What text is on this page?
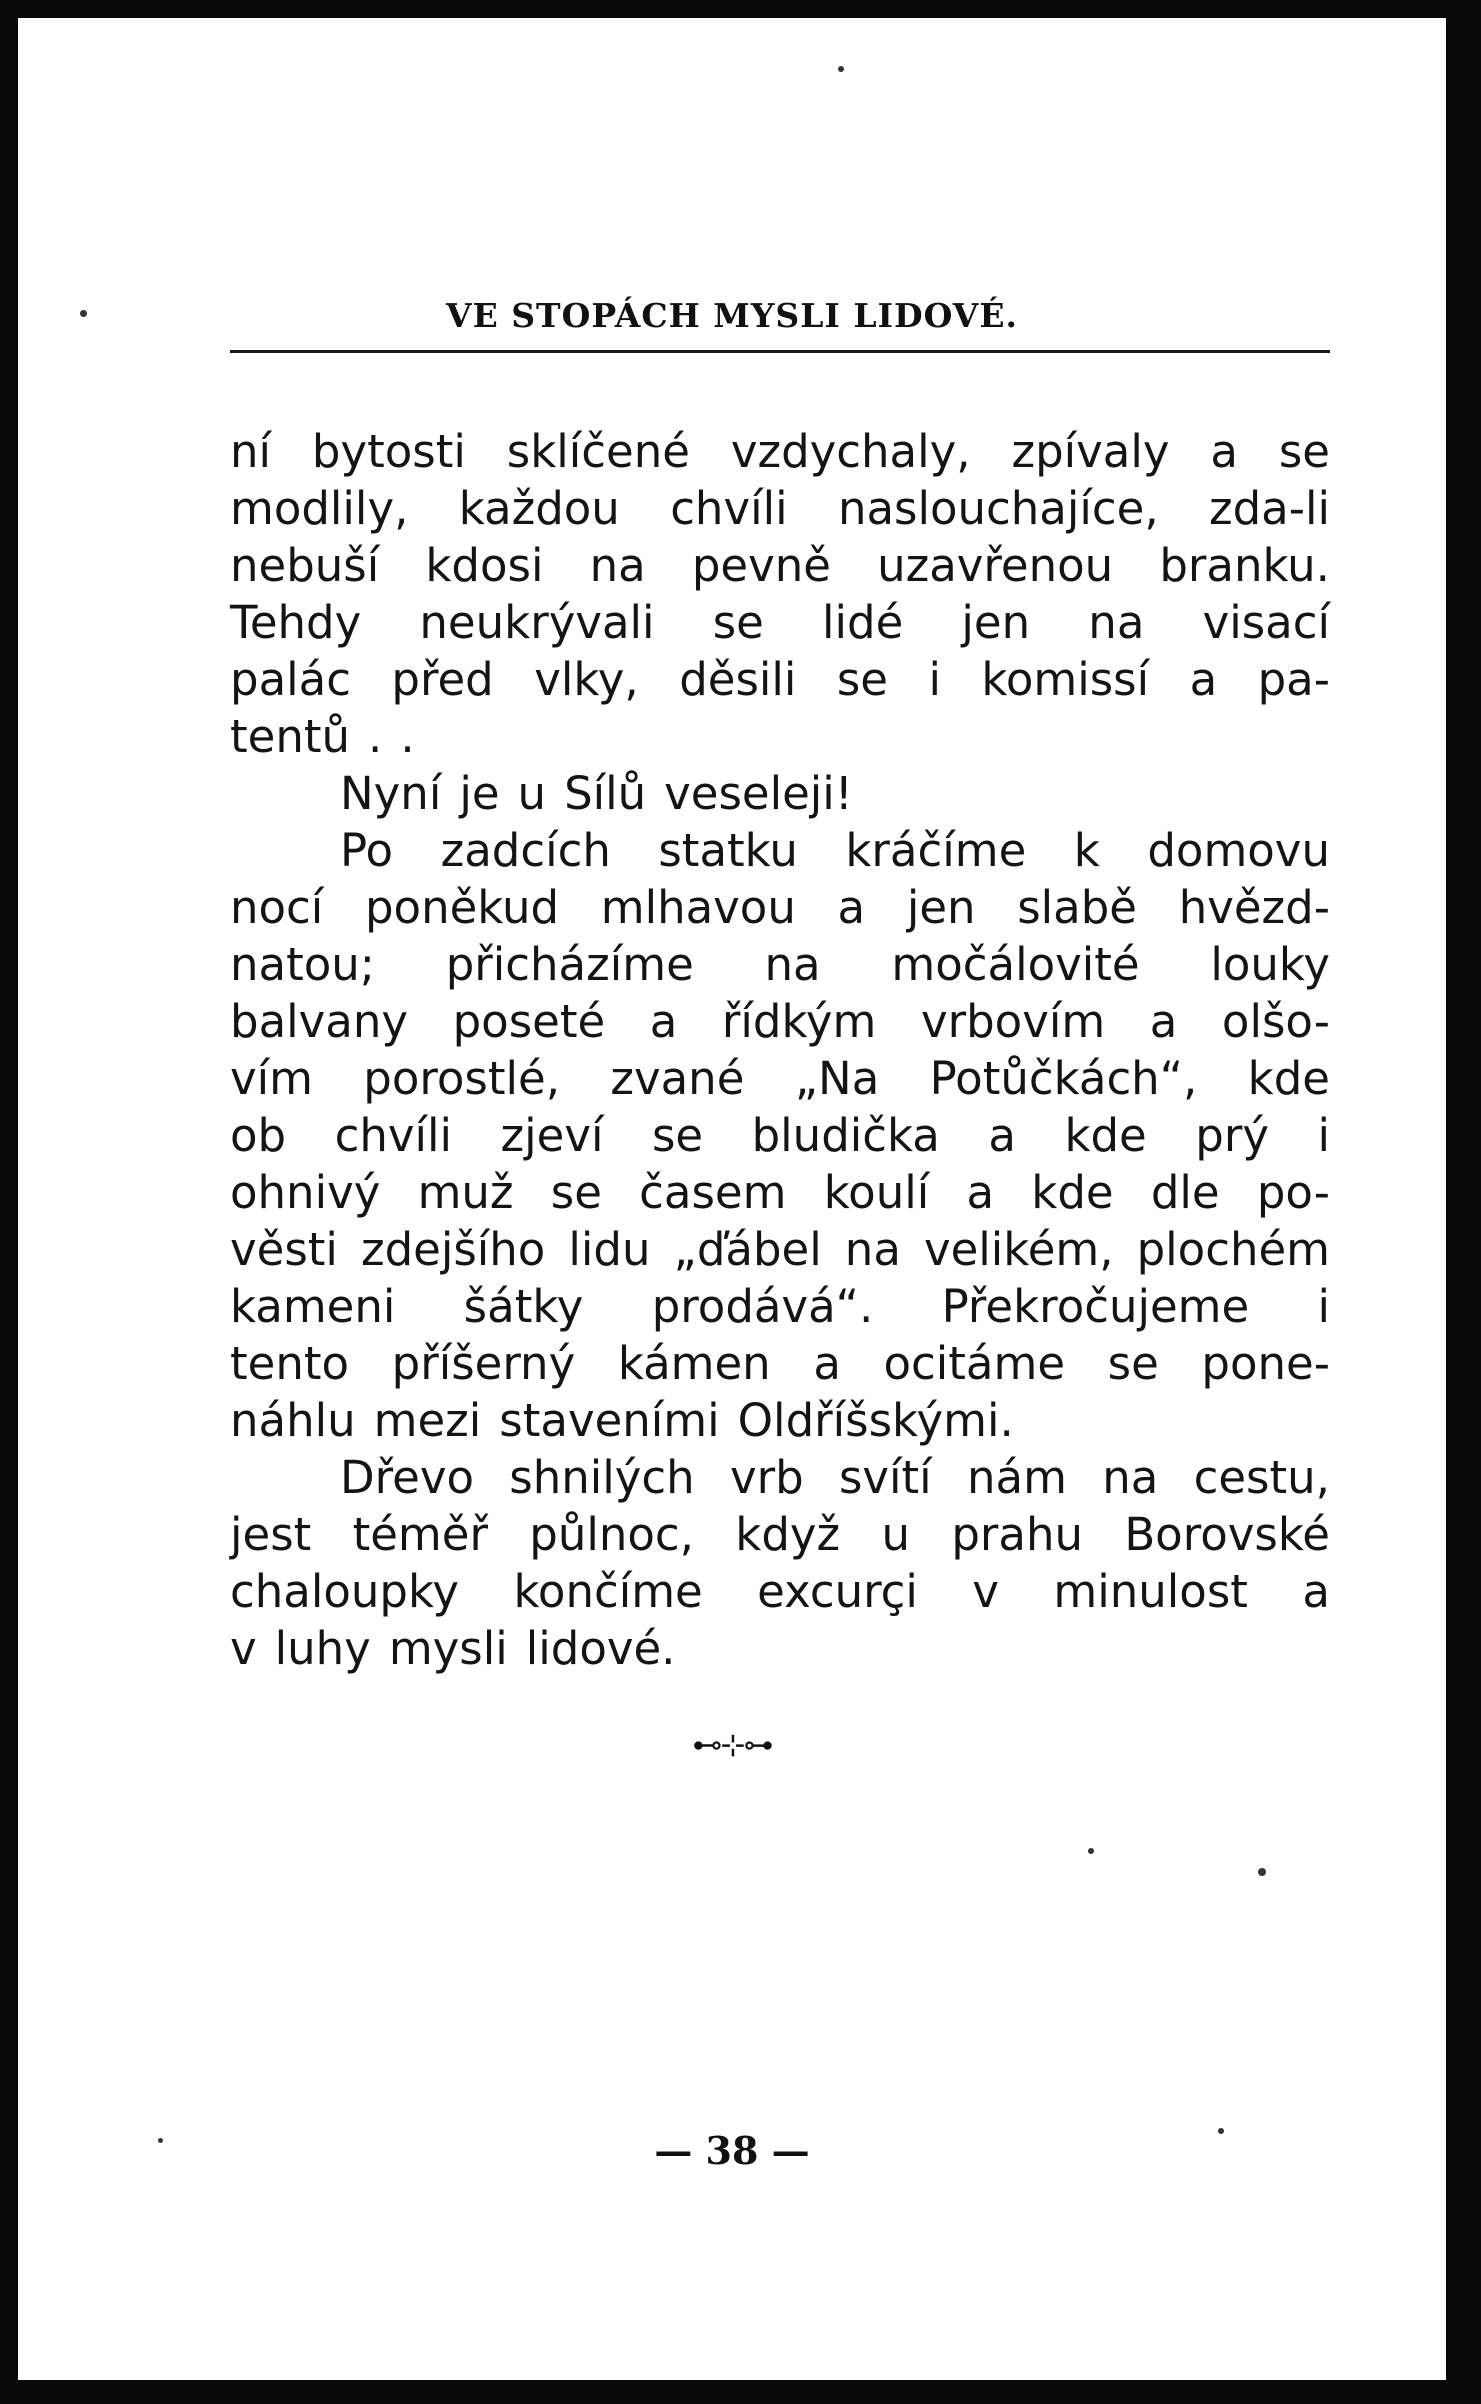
VE STOPÁCH MYSLI LIDOVÉ.
ní bytosti sklíčené vzdychaly, zpívaly a se
modlily, každou chvíli naslouchajíce, zda-li
nebuší kdosi na pevně uzavřenou branku.
Tehdy neukrývali se lidé jen na visací
palác před vlky, děsili se i komissí a pa-
tentů . .
Nyní je u Sílů veseleji!
Po zadcích statku kráčíme k domovu
nocí poněkud mlhavou a jen slabě hvězd-
natou; přicházíme na močálovité louky
balvany poseté a řídkým vrbovím a olšo-
vím porostlé, zvané „Na Potůčkách“, kde
ob chvíli zjeví se bludička a kde prý i
ohnivý muž se časem koulí a kde dle po-
věsti zdejšího lidu „ďábel na velikém, plochém
kameni šátky prodává“. Překročujeme i
tento příšerný kámen a ocitáme se pone-
náhlu mezi staveními Oldříšskými.
Dřevo shnilých vrb svítí nám na cestu,
jest téměř půlnoc, když u prahu Borovské
chaloupky končíme excurçi v minulost a
v luhy mysli lidové.
⊷⊹⊶
— 38 —
